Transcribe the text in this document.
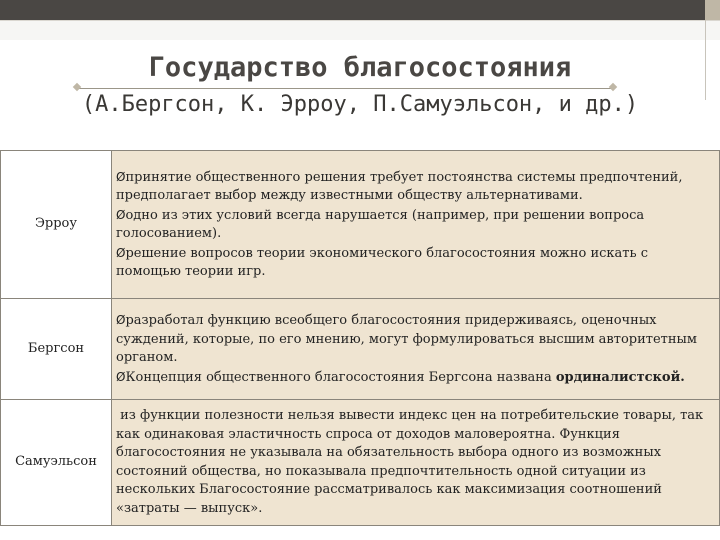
Государство благосостояния
(А.Бергсон, К. Эрроу, П.Самуэльсон, и др.)
Эрроу	Øпринятие общественного решения требует постоянства системы предпочтений, предполагает выбор между известными обществу альтернативами.
Øодно из этих условий всегда нарушается (например, при решении вопроса голосованием).
Øрешение вопросов теории экономического благосостояния можно искать с помощью теории игр.

Бергсон	Øразработал функцию всеобщего благосостояния придерживаясь, оценочных суждений, которые, по его мнению, могут формулироваться высшим авторитетным органом.
ØКонцепция общественного благосостояния Бергсона названа ординалистской.

Самуэльсон	из функции полезности нельзя вывести индекс цен на потребительские товары, так как одинаковая эластичность спроса от доходов маловероятна. Функция благосостояния не указывала на обязательность выбора одного из возможных состояний общества, но показывала предпочтительность одной ситуации из нескольких Благосостояние рассматривалось как максимизация соотношений «затраты — выпуск».
